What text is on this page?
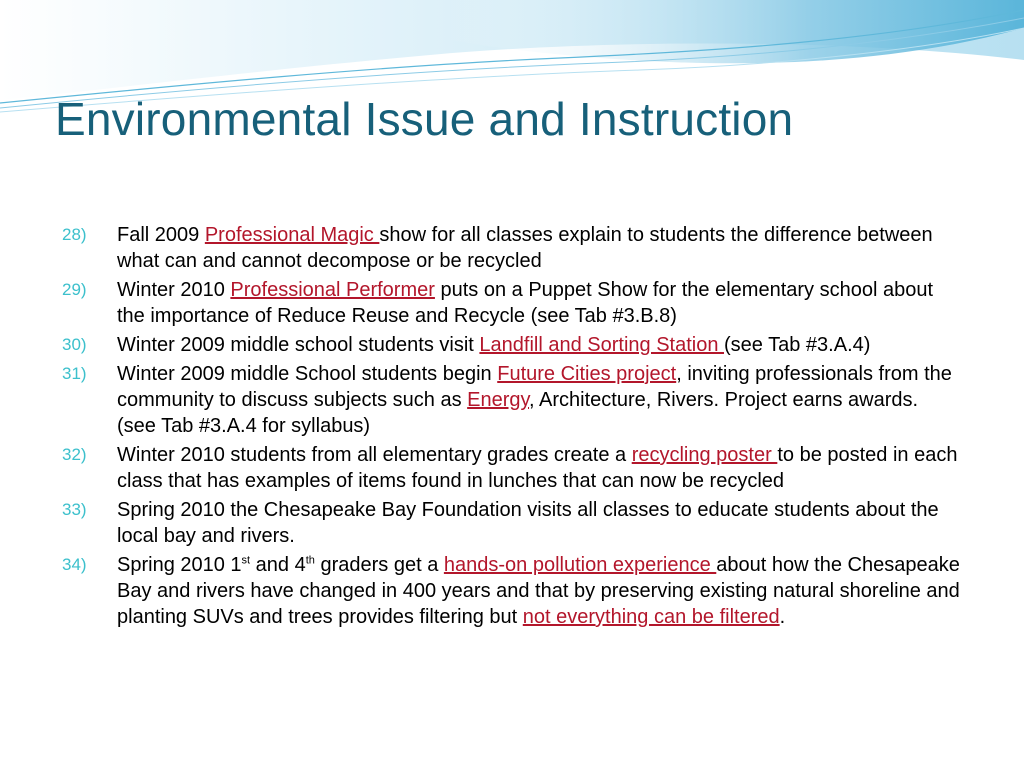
Environmental Issue and Instruction
28) Fall 2009 Professional Magic show for all classes explain to students the difference between what can and cannot decompose or be recycled
29) Winter 2010 Professional Performer puts on a Puppet Show for the elementary school about the importance of Reduce Reuse and Recycle (see Tab #3.B.8)
30) Winter 2009 middle school students visit Landfill and Sorting Station (see Tab #3.A.4)
31) Winter 2009 middle School students begin Future Cities project, inviting professionals from the community to discuss subjects such as Energy, Architecture, Rivers. Project earns awards. (see Tab #3.A.4 for syllabus)
32) Winter 2010 students from all elementary grades create a recycling poster to be posted in each class that has examples of items found in lunches that can now be recycled
33) Spring 2010 the Chesapeake Bay Foundation visits all classes to educate students about the local bay and rivers.
34) Spring 2010 1st and 4th graders get a hands-on pollution experience about how the Chesapeake Bay and rivers have changed in 400 years and that by preserving existing natural shoreline and planting SUVs and trees provides filtering but not everything can be filtered.
